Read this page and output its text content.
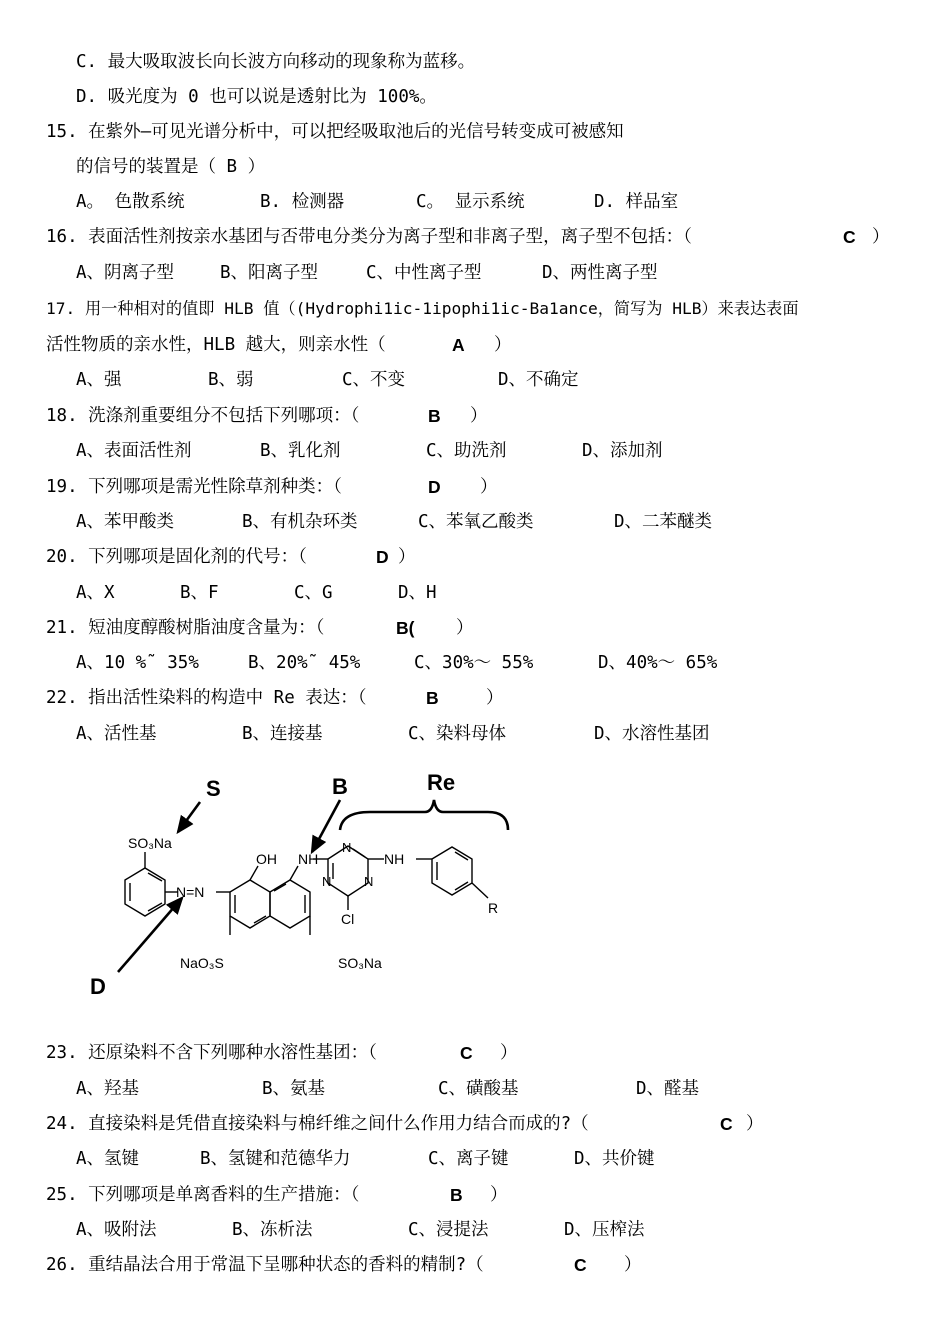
C. 最大吸取波长向长波方向移动的现象称为蓝移。
D. 吸光度为 0 也可以说是透射比为 100%。
15. 在紫外—可见光谱分析中，可以把经吸取池后的光信号转变成可被感知
的信号的装置是（ B ）
A。 色散系统	B. 检测器	C。 显示系统	D. 样品室
16. 表面活性剂按亲水基团与否带电分类分为离子型和非离子型，离子型不包括：（	C ）
A、阴离子型	B、阳离子型	C、中性离子型	D、两性离子型
17. 用一种相对的值即 HLB 值（(Hydrophi1ic-1ipophi1ic-Ba1ance，简写为 HLB）来表达表面
活性物质的亲水性，HLB 越大，则亲水性（	A ）
A、强	B、弱	C、不变	D、不确定
18. 洗涤剂重要组分不包括下列哪项：（	B ）
A、表面活性剂	B、乳化剂	C、助洗剂	D、添加剂
19. 下列哪项是需光性除草剂种类：（	D ）
A、苯甲酸类	B、有机杂环类	C、苯氧乙酸类	D、二苯醚类
20. 下列哪项是固化剂的代号：（	D ）
A、X	B、F	C、G	D、H
21. 短油度醇酸树脂油度含量为：（	B( ）
A、10 %˜ 35%	B、20%˜ 45%	C、30%～ 55%	D、40%～ 65%
22. 指出活性染料的构造中 Re 表达：（	B	）
A、活性基	B、连接基	C、染料母体	D、水溶性基团
S	B	Re
D
SO₃Na
OH NH	NH
N=N
N
N	N
Cl
R
NaO₃S	SO₃Na
23. 还原染料不含下列哪种水溶性基团：（	C ）
A、羟基	B、氨基	C、磺酸基	D、醛基
24. 直接染料是凭借直接染料与棉纤维之间什么作用力结合而成的?（	C ）
A、氢键	B、氢键和范德华力	C、离子键	D、共价键
25. 下列哪项是单离香料的生产措施：（	B ）
A、吸附法	B、冻析法	C、浸提法	D、压榨法
26. 重结晶法合用于常温下呈哪种状态的香料的精制?（	C ）
